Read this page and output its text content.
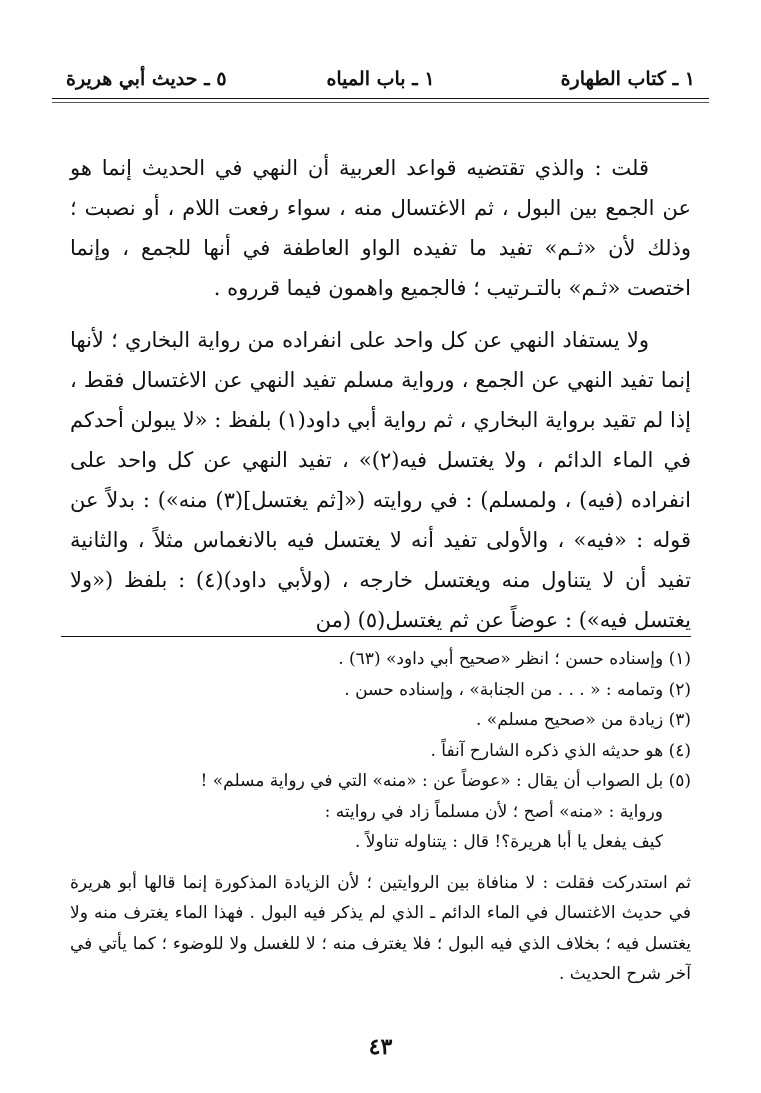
١ ـ كتاب الطهارة
١ ـ باب المياه
٥ ـ حديث أبي هريرة

قلت : والذي تقتضيه قواعد العربية أن النهي في الحديث إنما هو عن الجمع بين البول ، ثم الاغتسال منه ، سواء رفعت اللام ، أو نصبت ؛ وذلك لأن «ثـم» تفيد ما تفيده الواو العاطفة في أنها للجمع ، وإنما اختصت «ثـم» بالتـرتيب ؛ فالجميع واهمون فيما قرروه .

ولا يستفاد النهي عن كل واحد على انفراده من رواية البخاري ؛ لأنها إنما تفيد النهي عن الجمع ، ورواية مسلم تفيد النهي عن الاغتسال فقط ، إذا لم تقيد برواية البخاري ، ثم رواية أبي داود(١) بلفظ : «لا يبولن أحدكم في الماء الدائم ، ولا يغتسل فيه(٢)» ، تفيد النهي عن كل واحد على انفراده (فيه) ، ولمسلم) : في روايته («[ثم يغتسل](٣) منه») : بدلاً عن قوله : «فيه» ، والأولى تفيد أنه لا يغتسل فيه بالانغماس مثلاً ، والثانية تفيد أن لا يتناول منه ويغتسل خارجه ، (ولأبي داود)(٤) : بلفظ («ولا يغتسل فيه») : عوضاً عن ثم يغتسل(٥) (من

(١) وإسناده حسن ؛ انظر «صحيح أبي داود» (٦٣) .

(٢) وتمامه : « . . . من الجنابة» ، وإسناده حسن .

(٣) زيادة من «صحيح مسلم» .

(٤) هو حديثه الذي ذكره الشارح آنفاً .

(٥) بل الصواب أن يقال : «عوضاً عن : «منه» التي في رواية مسلم» !

ورواية : «منه» أصح ؛ لأن مسلماً زاد في روايته :

كيف يفعل يا أبا هريرة؟! قال : يتناوله تناولاً .

ثم استدركت فقلت : لا منافاة بين الروايتين ؛ لأن الزيادة المذكورة إنما قالها أبو هريرة في حديث الاغتسال في الماء الدائم ـ الذي لم يذكر فيه البول . فهذا الماء يغترف منه ولا يغتسل فيه ؛ بخلاف الذي فيه البول ؛ فلا يغترف منه ؛ لا للغسل ولا للوضوء ؛ كما يأتي في آخر شرح الحديث .

٤٣
